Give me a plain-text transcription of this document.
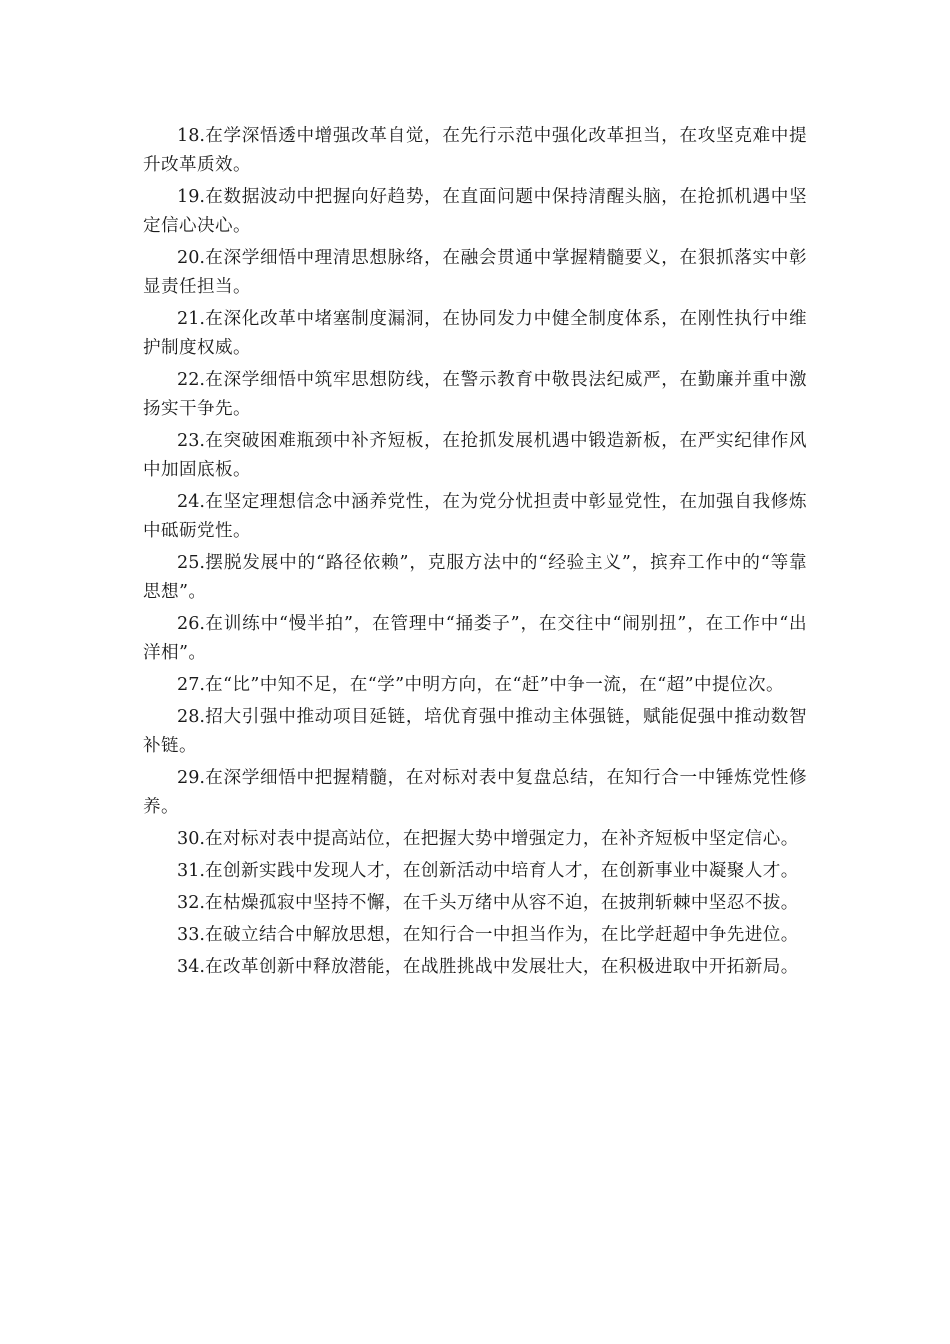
18.在学深悟透中增强改革自觉，在先行示范中强化改革担当，在攻坚克难中提升改革质效。

19.在数据波动中把握向好趋势，在直面问题中保持清醒头脑，在抢抓机遇中坚定信心决心。

20.在深学细悟中理清思想脉络，在融会贯通中掌握精髓要义，在狠抓落实中彰显责任担当。

21.在深化改革中堵塞制度漏洞，在协同发力中健全制度体系，在刚性执行中维护制度权威。

22.在深学细悟中筑牢思想防线，在警示教育中敬畏法纪威严，在勤廉并重中激扬实干争先。

23.在突破困难瓶颈中补齐短板，在抢抓发展机遇中锻造新板，在严实纪律作风中加固底板。

24.在坚定理想信念中涵养党性，在为党分忧担责中彰显党性，在加强自我修炼中砥砺党性。

25.摆脱发展中的“路径依赖”，克服方法中的“经验主义”，摈弃工作中的“等靠思想”。

26.在训练中“慢半拍”，在管理中“捅娄子”，在交往中“闹别扭”，在工作中“出洋相”。

27.在“比”中知不足，在“学”中明方向，在“赶”中争一流，在“超”中提位次。

28.招大引强中推动项目延链，培优育强中推动主体强链，赋能促强中推动数智补链。

29.在深学细悟中把握精髓，在对标对表中复盘总结，在知行合一中锤炼党性修养。

30.在对标对表中提高站位，在把握大势中增强定力，在补齐短板中坚定信心。

31.在创新实践中发现人才，在创新活动中培育人才，在创新事业中凝聚人才。

32.在枯燥孤寂中坚持不懈，在千头万绪中从容不迫，在披荆斩棘中坚忍不拔。

33.在破立结合中解放思想，在知行合一中担当作为，在比学赶超中争先进位。

34.在改革创新中释放潜能，在战胜挑战中发展壮大，在积极进取中开拓新局。
